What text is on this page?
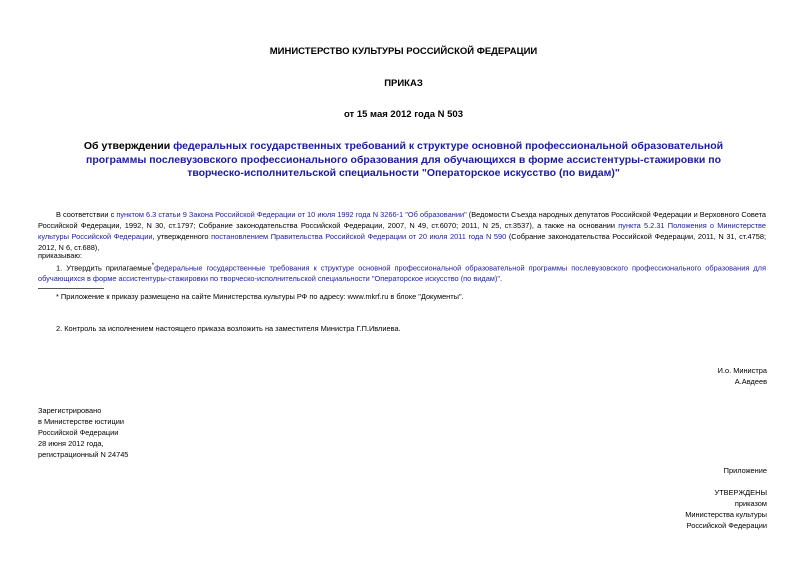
МИНИСТЕРСТВО КУЛЬТУРЫ РОССИЙСКОЙ ФЕДЕРАЦИИ
ПРИКАЗ
от 15 мая 2012 года N 503
Об утверждении федеральных государственных требований к структуре основной профессиональной образовательной программы послевузовского профессионального образования для обучающихся в форме ассистентуры-стажировки по творческо-исполнительской специальности "Операторское искусство (по видам)"
В соответствии с пунктом 6.3 статьи 9 Закона Российской Федерации от 10 июля 1992 года N 3266-1 "Об образовании" (Ведомости Съезда народных депутатов Российской Федерации и Верховного Совета Российской Федерации, 1992, N 30, ст.1797; Собрание законодательства Российской Федерации, 2007, N 49, ст.6070; 2011, N 25, ст.3537), а также на основании пункта 5.2.31 Положения о Министерстве культуры Российской Федерации, утвержденного постановлением Правительства Российской Федерации от 20 июля 2011 года N 590 (Собрание законодательства Российской Федерации, 2011, N 31, ст.4758; 2012, N 6, ст.688),
приказываю:
1. Утвердить прилагаемые*федеральные государственные требования к структуре основной профессиональной образовательной программы послевузовского профессионального образования для обучающихся в форме ассистентуры-стажировки по творческо-исполнительской специальности "Операторское искусство (по видам)".
* Приложение к приказу размещено на сайте Министерства культуры РФ по адресу: www.mkrf.ru в блоке "Документы".
2. Контроль за исполнением настоящего приказа возложить на заместителя Министра Г.П.Ивлиева.
И.о. Министра
А.Авдеев
Зарегистрировано
в Министерстве юстиции
Российской Федерации
28 июня 2012 года,
регистрационный N 24745
Приложение
УТВЕРЖДЕНЫ
приказом
Министерства культуры
Российской Федерации
